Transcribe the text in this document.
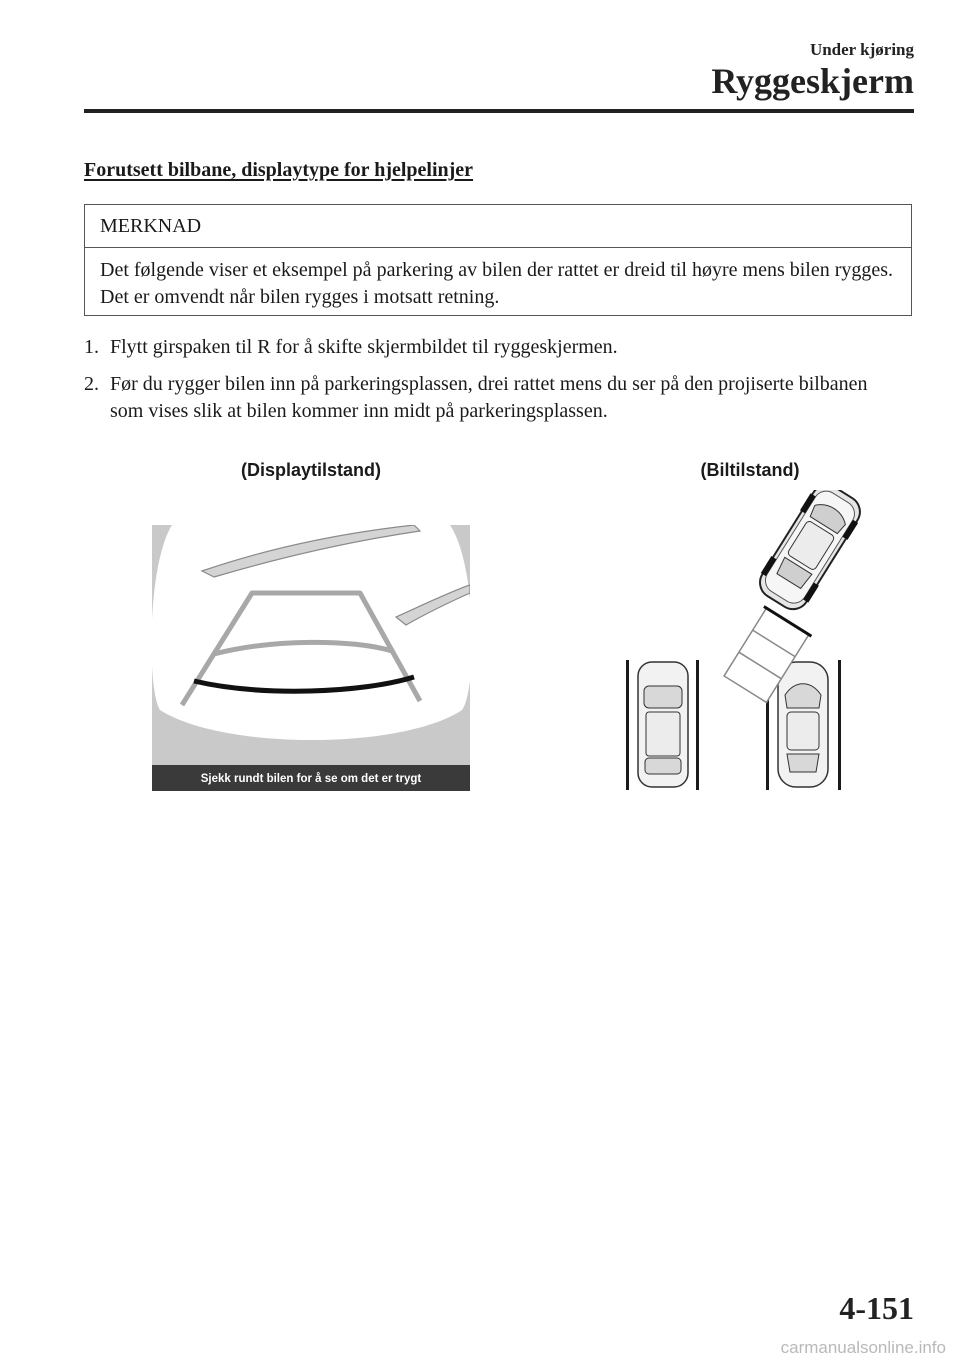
Under kjøring
Ryggeskjerm
Forutsett bilbane, displaytype for hjelpelinjer
MERKNAD
Det følgende viser et eksempel på parkering av bilen der rattet er dreid til høyre mens bilen rygges. Det er omvendt når bilen rygges i motsatt retning.
1. Flytt girspaken til R for å skifte skjermbildet til ryggeskjermen.
2. Før du rygger bilen inn på parkeringsplassen, drei rattet mens du ser på den projiserte bilbanen som vises slik at bilen kommer inn midt på parkeringsplassen.
(Displaytilstand)
Sjekk rundt bilen for å se om det er trygt
(Biltilstand)
4-151
carmanualsonline.info
